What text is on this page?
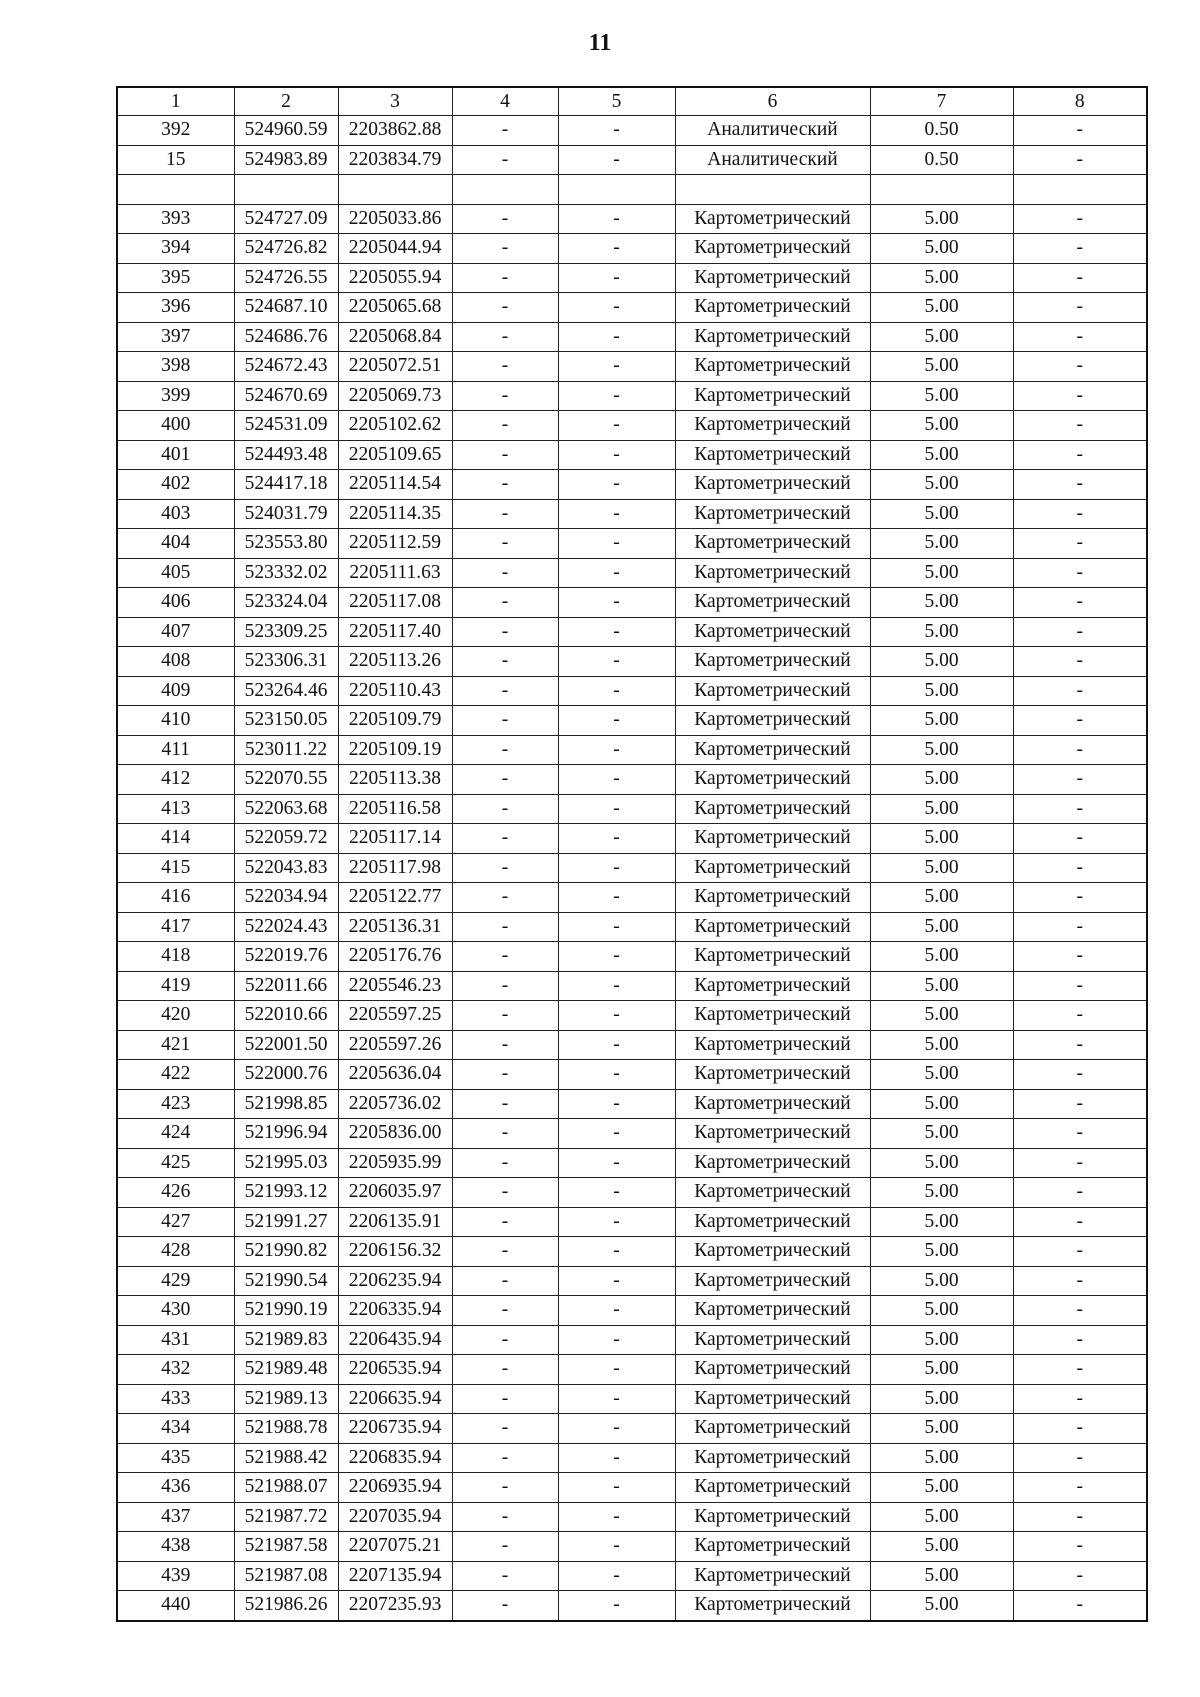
11
1	2	3	4	5	6	7	8
392	524960.59	2203862.88	-	-	Аналитический	0.50	-
15	524983.89	2203834.79	-	-	Аналитический	0.50	-

393	524727.09	2205033.86	-	-	Картометрический	5.00	-
394	524726.82	2205044.94	-	-	Картометрический	5.00	-
395	524726.55	2205055.94	-	-	Картометрический	5.00	-
396	524687.10	2205065.68	-	-	Картометрический	5.00	-
397	524686.76	2205068.84	-	-	Картометрический	5.00	-
398	524672.43	2205072.51	-	-	Картометрический	5.00	-
399	524670.69	2205069.73	-	-	Картометрический	5.00	-
400	524531.09	2205102.62	-	-	Картометрический	5.00	-
401	524493.48	2205109.65	-	-	Картометрический	5.00	-
402	524417.18	2205114.54	-	-	Картометрический	5.00	-
403	524031.79	2205114.35	-	-	Картометрический	5.00	-
404	523553.80	2205112.59	-	-	Картометрический	5.00	-
405	523332.02	2205111.63	-	-	Картометрический	5.00	-
406	523324.04	2205117.08	-	-	Картометрический	5.00	-
407	523309.25	2205117.40	-	-	Картометрический	5.00	-
408	523306.31	2205113.26	-	-	Картометрический	5.00	-
409	523264.46	2205110.43	-	-	Картометрический	5.00	-
410	523150.05	2205109.79	-	-	Картометрический	5.00	-
411	523011.22	2205109.19	-	-	Картометрический	5.00	-
412	522070.55	2205113.38	-	-	Картометрический	5.00	-
413	522063.68	2205116.58	-	-	Картометрический	5.00	-
414	522059.72	2205117.14	-	-	Картометрический	5.00	-
415	522043.83	2205117.98	-	-	Картометрический	5.00	-
416	522034.94	2205122.77	-	-	Картометрический	5.00	-
417	522024.43	2205136.31	-	-	Картометрический	5.00	-
418	522019.76	2205176.76	-	-	Картометрический	5.00	-
419	522011.66	2205546.23	-	-	Картометрический	5.00	-
420	522010.66	2205597.25	-	-	Картометрический	5.00	-
421	522001.50	2205597.26	-	-	Картометрический	5.00	-
422	522000.76	2205636.04	-	-	Картометрический	5.00	-
423	521998.85	2205736.02	-	-	Картометрический	5.00	-
424	521996.94	2205836.00	-	-	Картометрический	5.00	-
425	521995.03	2205935.99	-	-	Картометрический	5.00	-
426	521993.12	2206035.97	-	-	Картометрический	5.00	-
427	521991.27	2206135.91	-	-	Картометрический	5.00	-
428	521990.82	2206156.32	-	-	Картометрический	5.00	-
429	521990.54	2206235.94	-	-	Картометрический	5.00	-
430	521990.19	2206335.94	-	-	Картометрический	5.00	-
431	521989.83	2206435.94	-	-	Картометрический	5.00	-
432	521989.48	2206535.94	-	-	Картометрический	5.00	-
433	521989.13	2206635.94	-	-	Картометрический	5.00	-
434	521988.78	2206735.94	-	-	Картометрический	5.00	-
435	521988.42	2206835.94	-	-	Картометрический	5.00	-
436	521988.07	2206935.94	-	-	Картометрический	5.00	-
437	521987.72	2207035.94	-	-	Картометрический	5.00	-
438	521987.58	2207075.21	-	-	Картометрический	5.00	-
439	521987.08	2207135.94	-	-	Картометрический	5.00	-
440	521986.26	2207235.93	-	-	Картометрический	5.00	-
